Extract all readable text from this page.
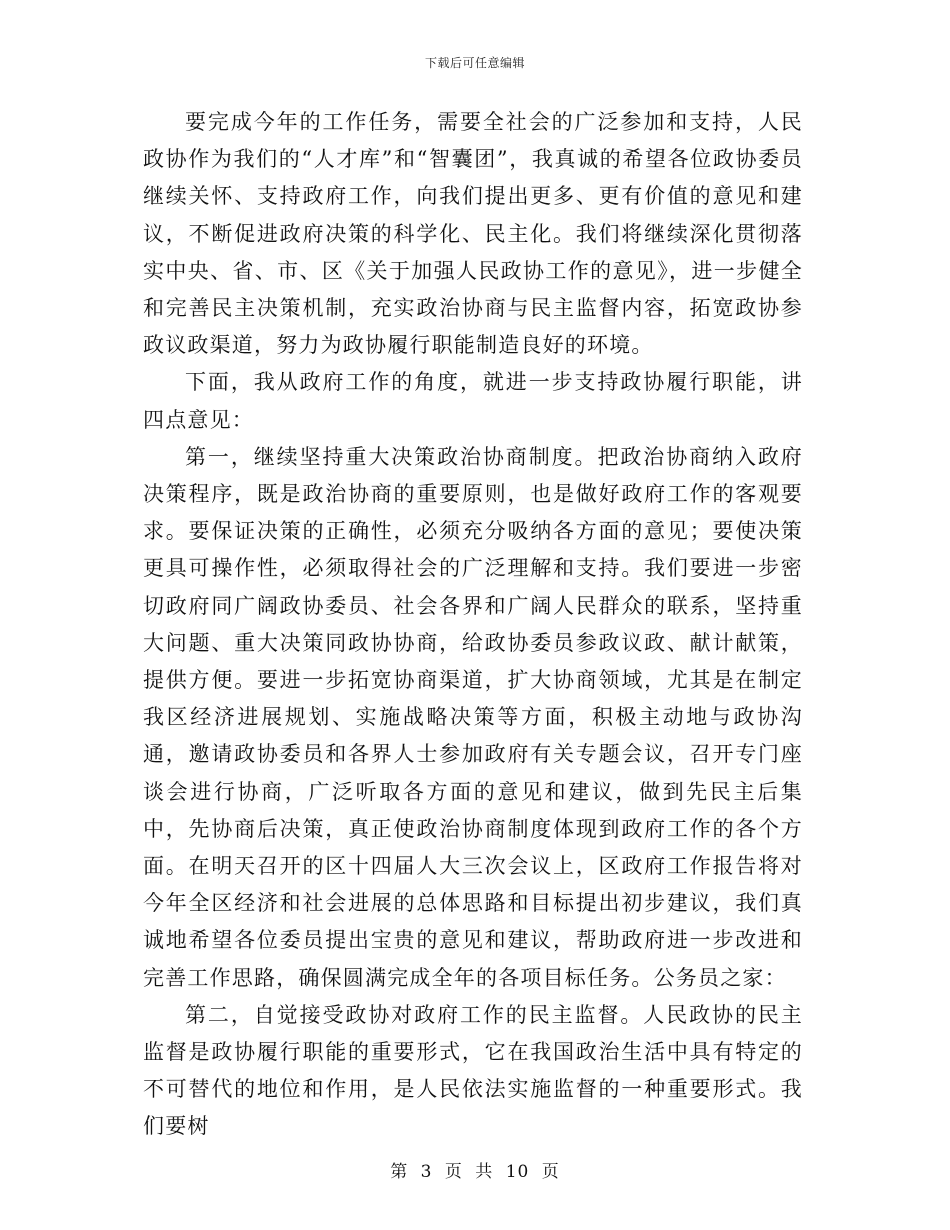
下载后可任意编辑

要完成今年的工作任务，需要全社会的广泛参加和支持，人民政协作为我们的“人才库”和“智囊团”，我真诚的希望各位政协委员继续关怀、支持政府工作，向我们提出更多、更有价值的意见和建议，不断促进政府决策的科学化、民主化。我们将继续深化贯彻落实中央、省、市、区《关于加强人民政协工作的意见》，进一步健全和完善民主决策机制，充实政治协商与民主监督内容，拓宽政协参政议政渠道，努力为政协履行职能制造良好的环境。

下面，我从政府工作的角度，就进一步支持政协履行职能，讲四点意见：

第一，继续坚持重大决策政治协商制度。把政治协商纳入政府决策程序，既是政治协商的重要原则，也是做好政府工作的客观要求。要保证决策的正确性，必须充分吸纳各方面的意见；要使决策更具可操作性，必须取得社会的广泛理解和支持。我们要进一步密切政府同广阔政协委员、社会各界和广阔人民群众的联系，坚持重大问题、重大决策同政协协商，给政协委员参政议政、献计献策，提供方便。要进一步拓宽协商渠道，扩大协商领域，尤其是在制定我区经济进展规划、实施战略决策等方面，积极主动地与政协沟通，邀请政协委员和各界人士参加政府有关专题会议，召开专门座谈会进行协商，广泛听取各方面的意见和建议，做到先民主后集中，先协商后决策，真正使政治协商制度体现到政府工作的各个方面。在明天召开的区十四届人大三次会议上，区政府工作报告将对今年全区经济和社会进展的总体思路和目标提出初步建议，我们真诚地希望各位委员提出宝贵的意见和建议，帮助政府进一步改进和完善工作思路，确保圆满完成全年的各项目标任务。公务员之家：

第二，自觉接受政协对政府工作的民主监督。人民政协的民主监督是政协履行职能的重要形式，它在我国政治生活中具有特定的不可替代的地位和作用，是人民依法实施监督的一种重要形式。我们要树

第 3 页 共 10 页
